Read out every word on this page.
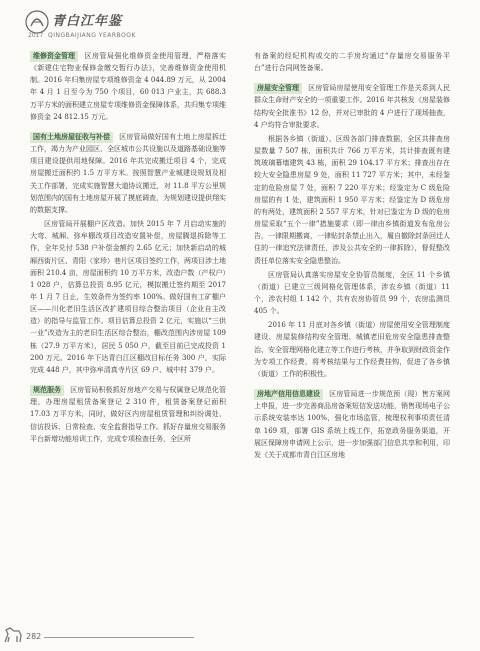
青白江年鉴
2017 QINGBAIJIANG YEARBOOK

维修资金管理 区房管局强化维修资金使用管理，严格落实《新建住宅物业保修金缴交暂行办法》，完善维修资金使用机制。2016 年归集房屋专项维修资金 4 044.89 万元，从 2004 年 4 月 1 日至今为 750 个项目，60 013 户业主，共 688.3 万平方米的面积建立房屋专项维修资金保障体系，共归集专项维修资金 24 812.15 万元。

国有土地房屋征收与补偿 区房管局做好国有土地上房屋拆迁工作，竭力为产业园区、全区城市公共设施以及道路基础设施等项目建设提供用地保障。2016 年共完成搬迁项目 4 个，完成房屋搬迁面积约 1.5 万平方米。按照智慧产业城建设规划及相关工作部署，完成实施智慧大道协议搬迁，对 11.8 平方公里规划范围内的国有土地房屋开展了摸底调查，为规划建设提供翔实的数据支撑。

区房管局开展棚户区改造。加快 2015 年 7 月启动实施的大弯、城厢、弥牟棚改项目改造安置补偿，房屋腾退拆除等工作，全年兑付 538 户补偿金额约 2.65 亿元；加快新启动的城厢西街片区、青阳（家珍）巷片区项目签约工作，两项目涉土地面积 210.4 亩，房屋面积约 10 万平方米，改造户数（产权户）1 028 户，估算总投资 8.95 亿元，模拟搬迁签约期至 2017 年 1 月 7 日止，生效条件为签约率 100%。做好国有工矿棚户区——川化老旧生活区改扩建项目综合整治项目（企业自主改造）的指导与监管工作。项目估算总投资 2 亿元，实施以“三供一业”改造为主的老旧生活区综合整治，棚改范围内涉房屋 109 栋（27.9 万平方米），居民 5 050 户，截至目前已完成投资 1 200 万元。2016 年下达青白江区棚改目标任务 300 户，实际完成 448 户，其中弥牟清真寺片区 69 户、城中村 379 户。

规范服务 区房管局积极抓好房地产交易与权属登记规范化管理，办理房屋租赁备案登记 2 310 件，租赁备案登记面积 17.03 万平方米，同时，做好区内房屋租赁管理和纠纷调处、信访投诉、日常检查、安全监督指导工作。抓好存量房交易服务平台新增功能培训工作，完成专项检查任务，全区所

有备案的经纪机构或交的二手房均通过“存量房交易服务平台”进行合同网签备案。

房屋安全管理 区房管局房屋使用安全管理工作是关系到人民群众生命财产安全的一项重要工作。2016 年共核发《房屋装修结构安全批准书》12 份，并对已审批的 4 户进行了现场抽查，4 户均符合审批要求。

根据各乡镇（街道）、区级各部门排查数据，全区共排查房屋数量 7 507 栋，面积共计 766 万平方米，共计排查既有建筑玻璃幕墙建筑 43 栋，面积 29 104.17 平方米；排查出存在较大安全隐患房屋 9 处，面积 11 727 平方米；其中，未经鉴定的危险房屋 7 处，面积 7 220 平方米；经鉴定为 C 级危险房屋的有 1 处，建筑面积 1 950 平方米；经鉴定为 D 级危房的有两处，建筑面积 2 557 平方米，针对已鉴定为 D 级的危房房屋采取“五个一律”措施要求（即一律由乡镇街道发布危房公告，一律限期搬离，一律贴封条禁止出入，履自撤除封条回迁人住的一律追究法律责任，涉及公共安全的一律拆除），督促整改责任单位落实安全隐患整治。

区房管局认真落实房屋安全协管员制度，全区 11 个乡镇（街道）已建立三级网格化管理体系，涉农乡镇（街道）11 个，涉农村组 1 142 个，共有农房协管员 99 个，农房监测员 405 个。

2016 年 11 月底对各乡镇（街道）房屋使用安全管理制度建设、房屋装修结构安全管理、城镇老旧危房安全隐患排查整治、安全管理网格化建立等工作进行考核，并争取到财政资金作为专项工作经费，将考核结果与工作经费挂钩，促进了各乡镇（街道）工作的积极性。

房地产信用信息建设 区房管局进一步规范预（现）售方案网上申报，进一步完善商品房备案短信发送功能，销售现场电子公示系统安装率达 100%，强化市场监管，梳理权利事项责任清单 169 项，部署 GIS 系统上线工作，拓宽政务服务渠道，开展区保障房申请网上公示，进一步加强部门信息共享和利用，印发《关于成都市青白江区房地

282
